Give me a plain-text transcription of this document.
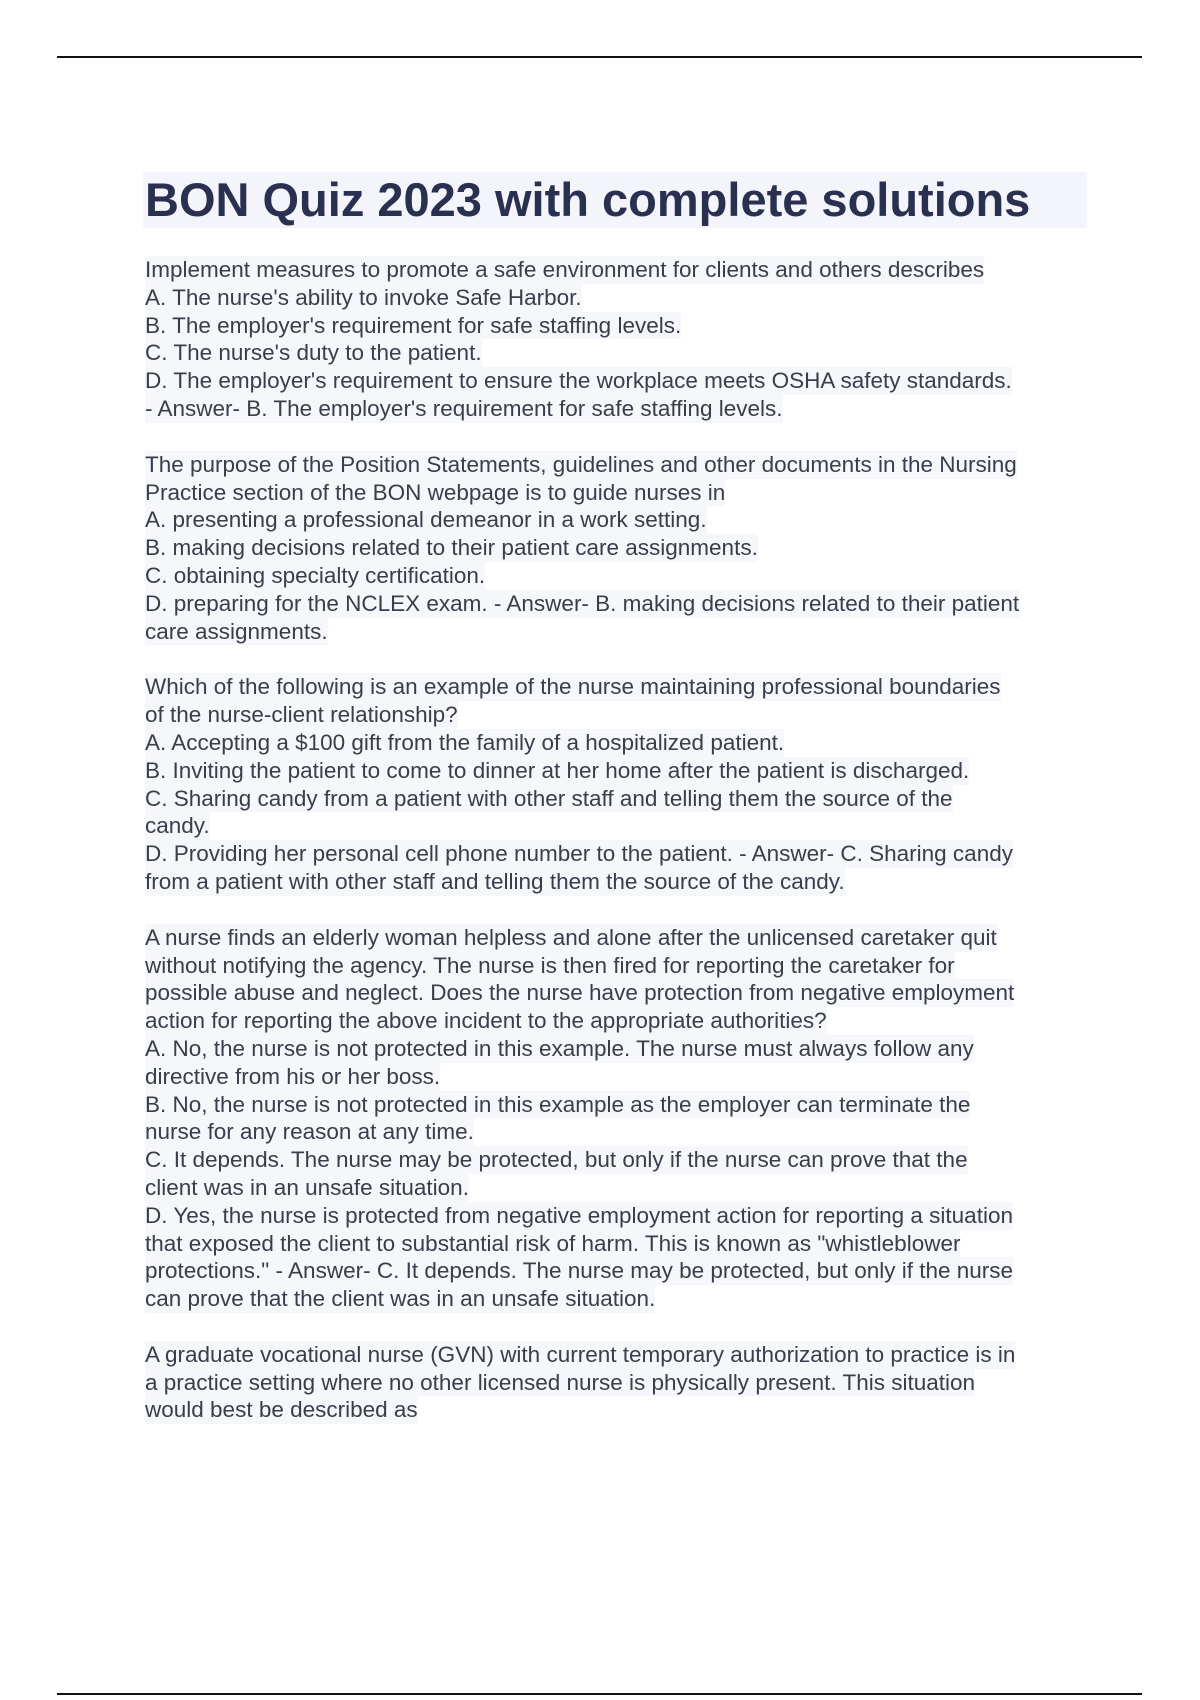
BON Quiz 2023 with complete solutions
Implement measures to promote a safe environment for clients and others describes
A. The nurse's ability to invoke Safe Harbor.
B. The employer's requirement for safe staffing levels.
C. The nurse's duty to the patient.
D. The employer's requirement to ensure the workplace meets OSHA safety standards.
- Answer- B. The employer's requirement for safe staffing levels.
The purpose of the Position Statements, guidelines and other documents in the Nursing
Practice section of the BON webpage is to guide nurses in
A. presenting a professional demeanor in a work setting.
B. making decisions related to their patient care assignments.
C. obtaining specialty certification.
D. preparing for the NCLEX exam. - Answer- B. making decisions related to their patient
care assignments.
Which of the following is an example of the nurse maintaining professional boundaries
of the nurse-client relationship?
A. Accepting a $100 gift from the family of a hospitalized patient.
B. Inviting the patient to come to dinner at her home after the patient is discharged.
C. Sharing candy from a patient with other staff and telling them the source of the
candy.
D. Providing her personal cell phone number to the patient. - Answer- C. Sharing candy
from a patient with other staff and telling them the source of the candy.
A nurse finds an elderly woman helpless and alone after the unlicensed caretaker quit
without notifying the agency. The nurse is then fired for reporting the caretaker for
possible abuse and neglect. Does the nurse have protection from negative employment
action for reporting the above incident to the appropriate authorities?
A. No, the nurse is not protected in this example. The nurse must always follow any
directive from his or her boss.
B. No, the nurse is not protected in this example as the employer can terminate the
nurse for any reason at any time.
C. It depends. The nurse may be protected, but only if the nurse can prove that the
client was in an unsafe situation.
D. Yes, the nurse is protected from negative employment action for reporting a situation
that exposed the client to substantial risk of harm. This is known as "whistleblower
protections." - Answer- C. It depends. The nurse may be protected, but only if the nurse
can prove that the client was in an unsafe situation.
A graduate vocational nurse (GVN) with current temporary authorization to practice is in
a practice setting where no other licensed nurse is physically present. This situation
would best be described as
